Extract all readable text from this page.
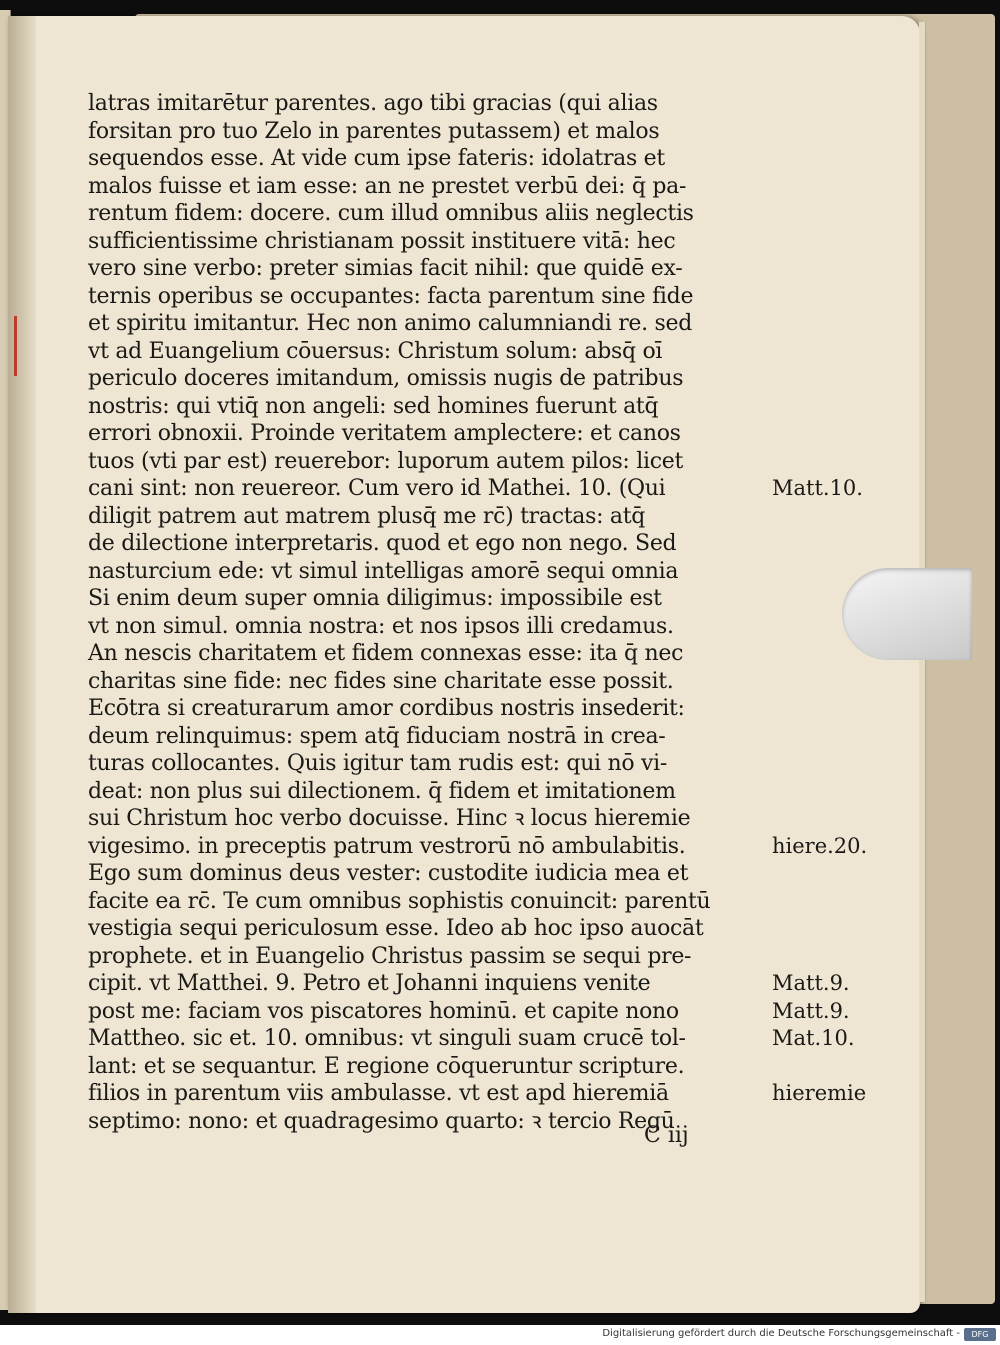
latras imitarētur parentes. ago tibi gracias (qui alias
forsitan pro tuo Zelo in parentes putassem) et malos
sequendos esse. At vide cum ipse fateris: idolatras et
malos fuisse et iam esse: an ne prestet verbū dei: q̄ pa-
rentum fidem: docere. cum illud omnibus aliis neglectis
sufficientissime christianam possit instituere vitā: hec
vero sine verbo: preter simias facit nihil: que quidē ex-
ternis operibus se occupantes: facta parentum sine fide
et spiritu imitantur. Hec non animo calumniandi re. sed
vt ad Euangelium cōuersus: Christum solum: absq̄ oī
periculo doceres imitandum, omissis nugis de patribus
nostris: qui vtiq̄ non angeli: sed homines fuerunt atq̄
errori obnoxii. Proinde veritatem amplectere: et canos
tuos (vti par est) reuerebor: luporum autem pilos: licet
cani sint: non reuereor. Cum vero id Mathei. 10. (Qui
diligit patrem aut matrem plusq̄ me rc̄) tractas: atq̄
de dilectione interpretaris. quod et ego non nego. Sed
nasturcium ede: vt simul intelligas amorē sequi omnia
Si enim deum super omnia diligimus: impossibile est
vt non simul. omnia nostra: et nos ipsos illi credamus.
An nescis charitatem et fidem connexas esse: ita q̄ nec
charitas sine fide: nec fides sine charitate esse possit.
Ecōtra si creaturarum amor cordibus nostris insederit:
deum relinquimus: spem atq̄ fiduciam nostrā in crea-
turas collocantes. Quis igitur tam rudis est: qui nō vi-
deat: non plus sui dilectionem. q̄ fidem et imitationem
sui Christum hoc verbo docuisse. Hinc ꝛ locus hieremie
vigesimo. in preceptis patrum vestrorū nō ambulabitis.
Ego sum dominus deus vester: custodite iudicia mea et
facite ea rc̄. Te cum omnibus sophistis conuincit: parentū
vestigia sequi periculosum esse. Ideo ab hoc ipso auocāt
prophete. et in Euangelio Christus passim se sequi pre-
cipit. vt Matthei. 9. Petro et Johanni inquiens venite
post me: faciam vos piscatores hominū. et capite nono
Mattheo. sic et. 10. omnibus: vt singuli suam crucē tol-
lant: et se sequantur. E regione cōqueruntur scripture.
filios in parentum viis ambulasse. vt est apd hieremiā
septimo: nono: et quadragesimo quarto: ꝛ tercio Regū
Matt.10.
hiere.20.
Matt.9.
Matt.9.
Mat.10.
hieremie
C iij
Digitalisierung gefördert durch die Deutsche Forschungsgemeinschaft -	DFG
